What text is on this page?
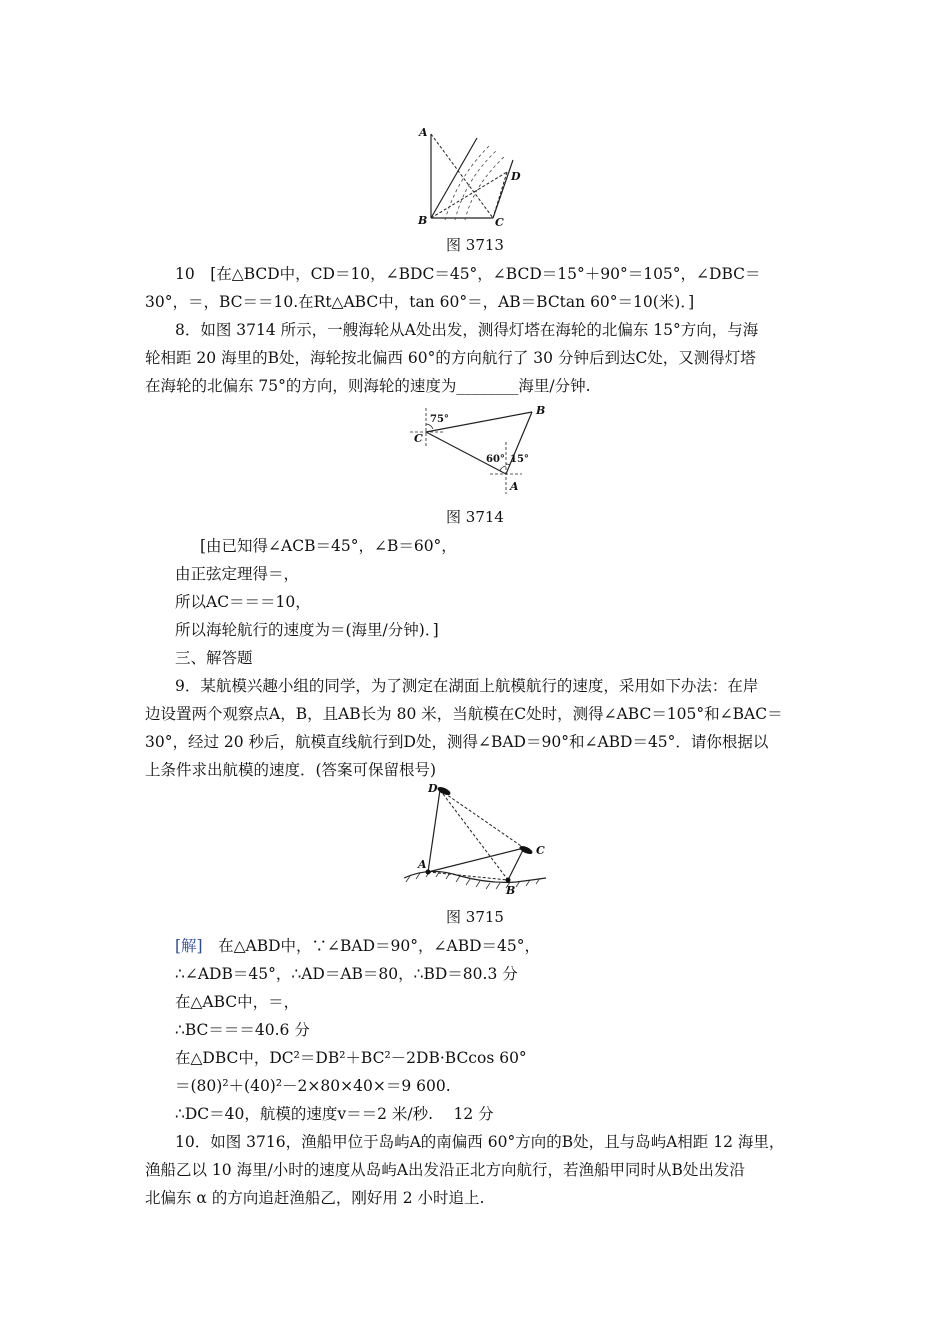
A
B	C
D
图 3713
10　[在△BCD中，CD＝10，∠BDC＝45°，∠BCD＝15°＋90°＝105°，∠DBC＝
30°，＝，BC＝＝10.在Rt△ABC中，tan 60°＝，AB＝BCtan 60°＝10(米)．]
8．如图 3714 所示，一艘海轮从A处出发，测得灯塔在海轮的北偏东 15°方向，与海
轮相距 20 海里的B处，海轮按北偏西 60°的方向航行了 30 分钟后到达C处，又测得灯塔
在海轮的北偏东 75°的方向，则海轮的速度为________海里/分钟.
C
B
A
75°
60° 15°
图 3714
[由已知得∠ACB＝45°，∠B＝60°，
由正弦定理得＝，
所以AC＝＝＝10，
所以海轮航行的速度为＝(海里/分钟)．]
三、解答题
9．某航模兴趣小组的同学，为了测定在湖面上航模航行的速度，采用如下办法：在岸
边设置两个观察点A，B，且AB长为 80 米，当航模在C处时，测得∠ABC＝105°和∠BAC＝
30°，经过 20 秒后，航模直线航行到D处，测得∠BAD＝90°和∠ABD＝45°．请你根据以
上条件求出航模的速度．(答案可保留根号)
D
C
A
B
图 3715
[解]　 在△ABD中，∵∠BAD＝90°，∠ABD＝45°，
∴∠ADB＝45°，∴AD＝AB＝80，∴BD＝80.3 分
在△ABC中，＝，
∴BC＝＝＝40.6 分
在△DBC中，DC²＝DB²＋BC²－2DB·BCcos 60°
＝(80)²＋(40)²－2×80×40×＝9 600.
∴DC＝40，航模的速度v＝＝2 米/秒.　 12 分
10．如图 3716，渔船甲位于岛屿A的南偏西 60°方向的B处，且与岛屿A相距 12 海里，
渔船乙以 10 海里/小时的速度从岛屿A出发沿正北方向航行，若渔船甲同时从B处出发沿
北偏东 α 的方向追赶渔船乙，刚好用 2 小时追上.
